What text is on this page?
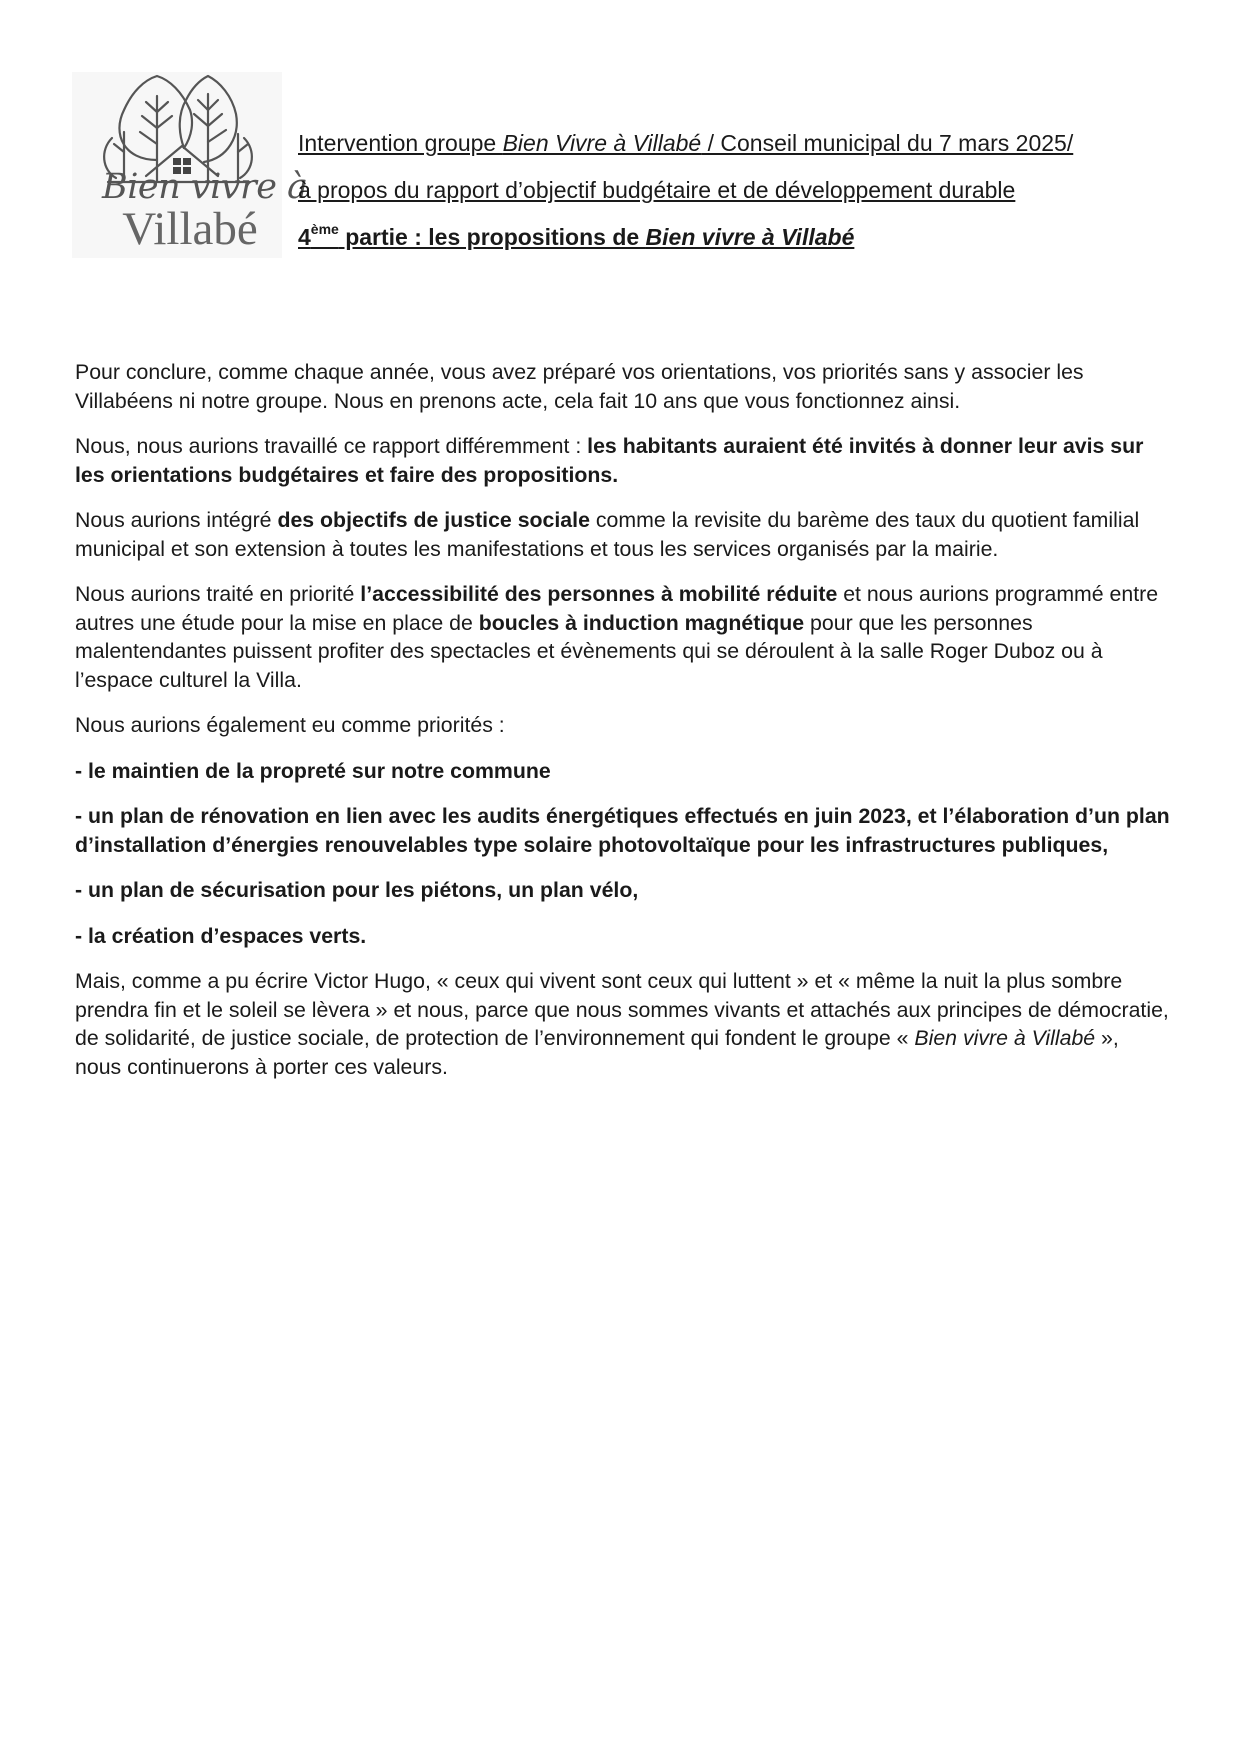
Bien vivre à
Villabé
Intervention groupe Bien Vivre à Villabé / Conseil municipal du 7 mars 2025/
à propos du rapport d’objectif budgétaire et de développement durable
4ème partie : les propositions de Bien vivre à Villabé

Pour conclure, comme chaque année, vous avez préparé vos orientations, vos priorités sans y associer les Villabéens ni notre groupe. Nous en prenons acte, cela fait 10 ans que vous fonctionnez ainsi.

Nous, nous aurions travaillé ce rapport différemment : les habitants auraient été invités à donner leur avis sur les orientations budgétaires et faire des propositions.

Nous aurions intégré des objectifs de justice sociale comme la revisite du barème des taux du quotient familial municipal et son extension à toutes les manifestations et tous les services organisés par la mairie.

Nous aurions traité en priorité l’accessibilité des personnes à mobilité réduite et nous aurions programmé entre autres une étude pour la mise en place de boucles à induction magnétique pour que les personnes malentendantes puissent profiter des spectacles et évènements qui se déroulent à la salle Roger Duboz ou à l’espace culturel la Villa.

Nous aurions également eu comme priorités :

- le maintien de la propreté sur notre commune

- un plan de rénovation en lien avec les audits énergétiques effectués en juin 2023, et l’élaboration d’un plan d’installation d’énergies renouvelables type solaire photovoltaïque pour les infrastructures publiques,

- un plan de sécurisation pour les piétons, un plan vélo,

- la création d’espaces verts.

Mais, comme a pu écrire Victor Hugo, « ceux qui vivent sont ceux qui luttent » et « même la nuit la plus sombre prendra fin et le soleil se lèvera » et nous, parce que nous sommes vivants et attachés aux principes de démocratie, de solidarité, de justice sociale, de protection de l’environnement qui fondent le groupe « Bien vivre à Villabé », nous continuerons à porter ces valeurs.
